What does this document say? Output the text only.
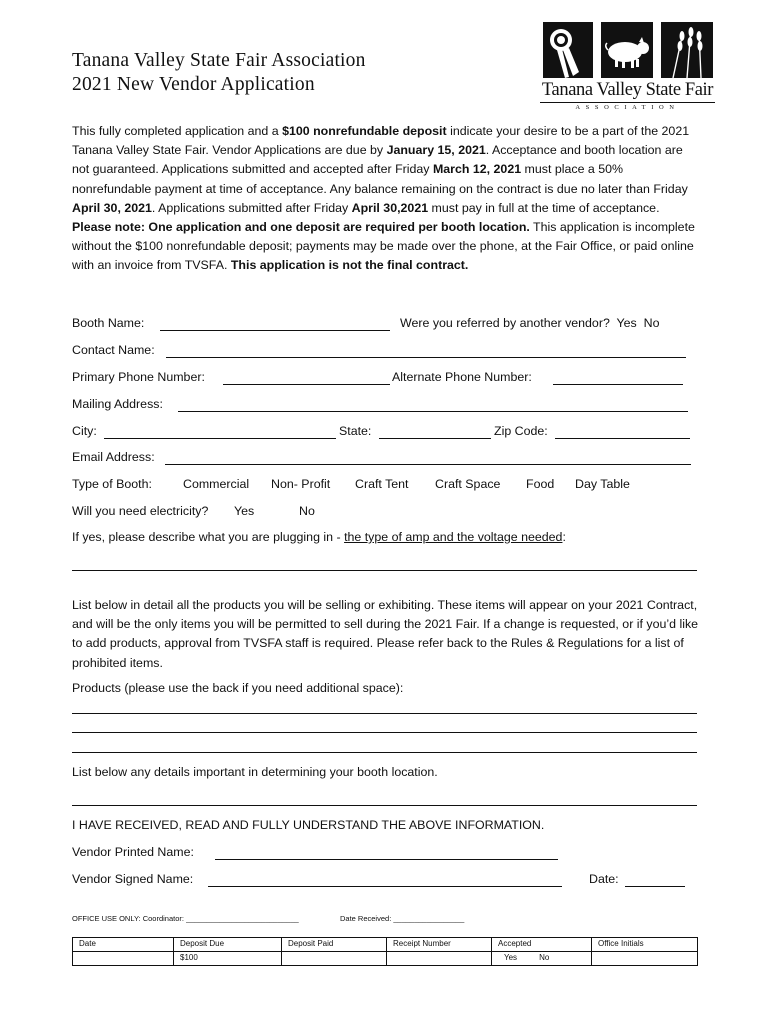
Tanana Valley State Fair Association
2021 New Vendor Application	Tanana Valley State Fair
ASSOCIATION
This fully completed application and a $100 nonrefundable deposit indicate your desire to be a part of the 2021 Tanana Valley State Fair. Vendor Applications are due by January 15, 2021. Acceptance and booth location are not guaranteed. Applications submitted and accepted after Friday March 12, 2021 must place a 50% nonrefundable payment at time of acceptance. Any balance remaining on the contract is due no later than Friday April 30, 2021. Applications submitted after Friday April 30,2021 must pay in full at the time of acceptance. Please note: One application and one deposit are required per booth location. This application is incomplete without the $100 nonrefundable deposit; payments may be made over the phone, at the Fair Office, or paid online with an invoice from TVSFA. This application is not the final contract.
Booth Name:	Were you referred by another vendor? Yes No
Contact Name:
Primary Phone Number:	Alternate Phone Number:
Mailing Address:
City:	State:	Zip Code:
Email Address:
Type of Booth:	Commercial Non- Profit Craft Tent Craft Space Food Day Table
Will you need electricity? Yes	No
If yes, please describe what you are plugging in - the type of amp and the voltage needed:
List below in detail all the products you will be selling or exhibiting. These items will appear on your 2021 Contract, and will be the only items you will be permitted to sell during the 2021 Fair. If a change is requested, or if you’d like to add products, approval from TVSFA staff is required. Please refer back to the Rules & Regulations for a list of prohibited items.
Products (please use the back if you need additional space):
List below any details important in determining your booth location.
I HAVE RECEIVED, READ AND FULLY UNDERSTAND THE ABOVE INFORMATION.
Vendor Printed Name:
Vendor Signed Name:	Date:
OFFICE USE ONLY: Coordinator: ___________________________	Date Received: _________________
Date	Deposit Due	Deposit Paid	Receipt Number	Accepted	Office Initials
	$100			Yes No	
